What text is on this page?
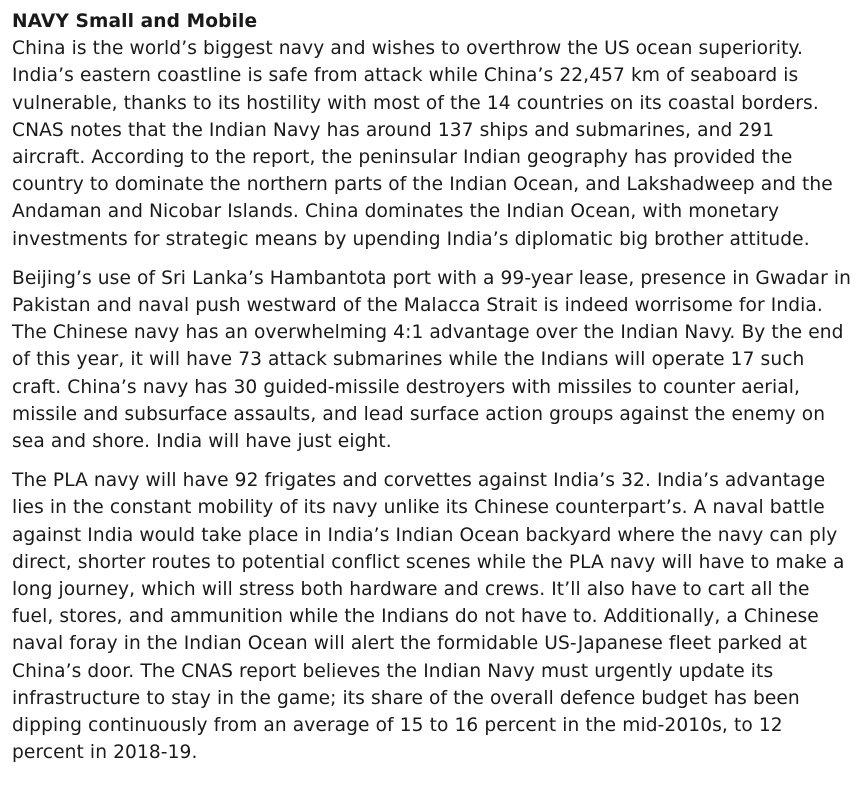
NAVY Small and Mobile

China is the world’s biggest navy and wishes to overthrow the US ocean superiority.
India’s eastern coastline is safe from attack while China’s 22,457 km of seaboard is
vulnerable, thanks to its hostility with most of the 14 countries on its coastal borders.
CNAS notes that the Indian Navy has around 137 ships and submarines, and 291
aircraft. According to the report, the peninsular Indian geography has provided the
country to dominate the northern parts of the Indian Ocean, and Lakshadweep and the
Andaman and Nicobar Islands. China dominates the Indian Ocean, with monetary
investments for strategic means by upending India’s diplomatic big brother attitude.

Beijing’s use of Sri Lanka’s Hambantota port with a 99-year lease, presence in Gwadar in
Pakistan and naval push westward of the Malacca Strait is indeed worrisome for India.
The Chinese navy has an overwhelming 4:1 advantage over the Indian Navy. By the end
of this year, it will have 73 attack submarines while the Indians will operate 17 such
craft. China’s navy has 30 guided-missile destroyers with missiles to counter aerial,
missile and subsurface assaults, and lead surface action groups against the enemy on
sea and shore. India will have just eight.

The PLA navy will have 92 frigates and corvettes against India’s 32. India’s advantage
lies in the constant mobility of its navy unlike its Chinese counterpart’s. A naval battle
against India would take place in India’s Indian Ocean backyard where the navy can ply
direct, shorter routes to potential conflict scenes while the PLA navy will have to make a
long journey, which will stress both hardware and crews. It’ll also have to cart all the
fuel, stores, and ammunition while the Indians do not have to. Additionally, a Chinese
naval foray in the Indian Ocean will alert the formidable US-Japanese fleet parked at
China’s door. The CNAS report believes the Indian Navy must urgently update its
infrastructure to stay in the game; its share of the overall defence budget has been
dipping continuously from an average of 15 to 16 percent in the mid-2010s, to 12
percent in 2018-19.
